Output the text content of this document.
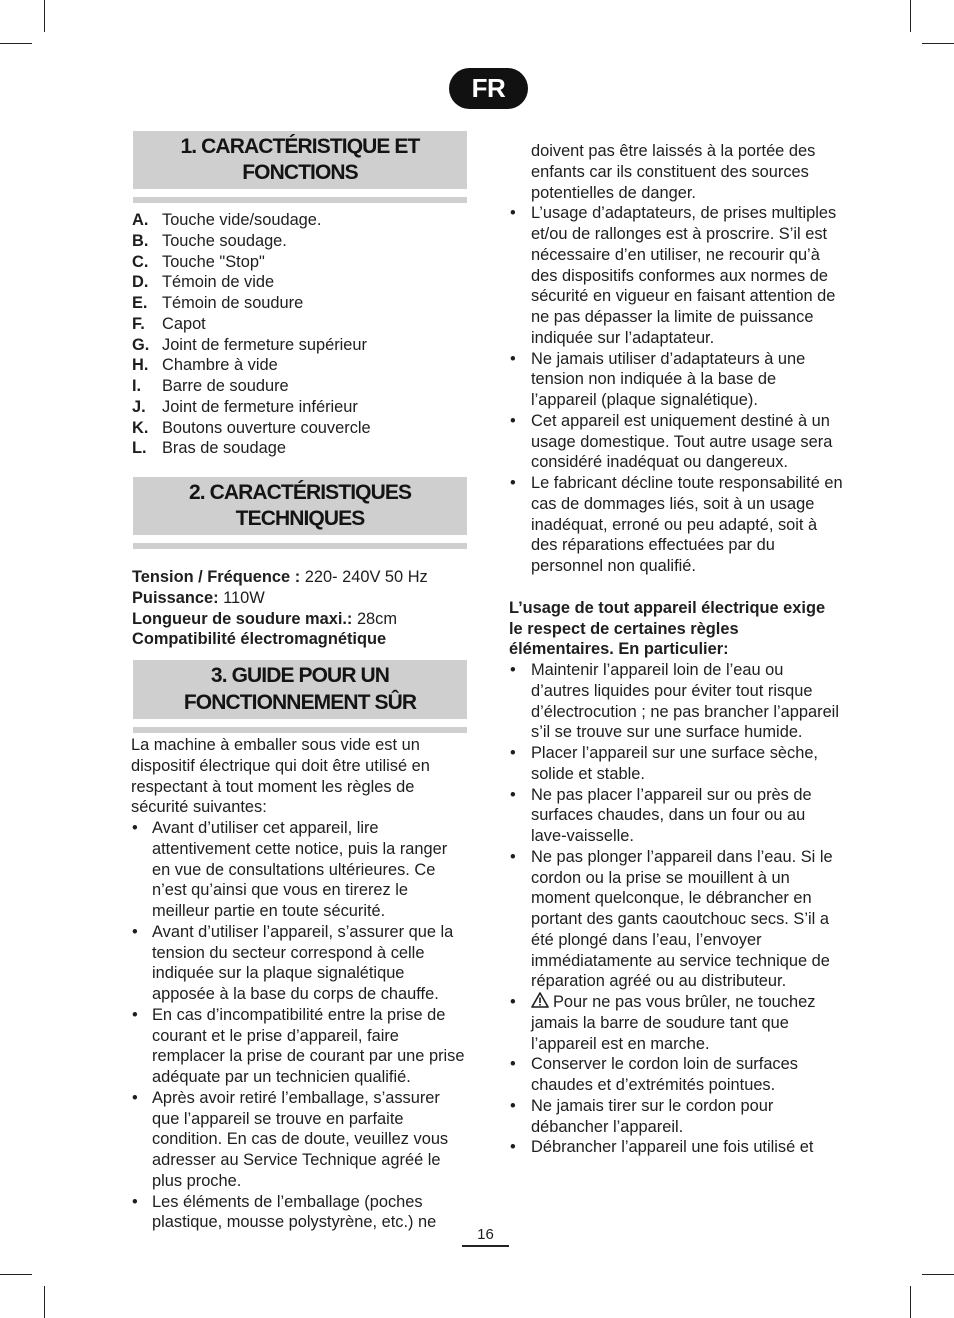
FR
1. CARACTÉRISTIQUE ET FONCTIONS
A. Touche vide/soudage.
B. Touche soudage.
C. Touche "Stop"
D. Témoin de vide
E. Témoin de soudure
F.	Capot
G. Joint de fermeture supérieur
H. Chambre à vide
I.	Barre de soudure
J. Joint de fermeture inférieur
K. Boutons ouverture couvercle
L. Bras de soudage
2. CARACTÉRISTIQUES TECHNIQUES
Tension / Fréquence : 220- 240V 50 Hz
Puissance: 110W
Longueur de soudure maxi.: 28cm
Compatibilité électromagnétique
3. GUIDE POUR UN
FONCTIONNEMENT SÛR

La machine à emballer sous vide est un dispositif électrique qui doit être utilisé en respectant à tout moment les règles de sécurité suivantes:

• Avant d’utiliser cet appareil, lire attentivement cette notice, puis la ranger en vue de consultations ultérieures. Ce n’est qu’ainsi que vous en tirerez le meilleur partie en toute sécurité.
• Avant d’utiliser l’appareil, s’assurer que la tension du secteur correspond à celle indiquée sur la plaque signalétique apposée à la base du corps de chauffe.
• En cas d’incompatibilité entre la prise de courant et le prise d’appareil, faire remplacer la prise de courant par une prise adéquate par un technicien qualifié.
• Après avoir retiré l’emballage, s’assurer que l’appareil se trouve en parfaite condition. En cas de doute, veuillez vous adresser au Service Technique agréé le plus proche.
• Les éléments de l’emballage (poches plastique, mousse polystyrène, etc.) ne
doivent pas être laissés à la portée des enfants car ils constituent des sources potentielles de danger.
• L’usage d’adaptateurs, de prises multiples et/ou de rallonges est à proscrire. S’il est nécessaire d’en utiliser, ne recourir qu’à des dispositifs conformes aux normes de sécurité en vigueur en faisant attention de ne pas dépasser la limite de puissance indiquée sur l’adaptateur.
• Ne jamais utiliser d’adaptateurs à une tension non indiquée à la base de l’appareil (plaque signalétique).
• Cet appareil est uniquement destiné à un usage domestique. Tout autre usage sera considéré inadéquat ou dangereux.
• Le fabricant décline toute responsabilité en cas de dommages liés, soit à un usage inadéquat, erroné ou peu adapté, soit à des réparations effectuées par du personnel non qualifié.
L’usage de tout appareil électrique exige le respect de certaines règles élémentaires. En particulier:
• Maintenir l’appareil loin de l’eau ou d’autres liquides pour éviter tout risque d’électrocution ; ne pas brancher l’appareil s’il se trouve sur une surface humide.
• Placer l’appareil sur une surface sèche, solide et stable.
• Ne pas placer l’appareil sur ou près de surfaces chaudes, dans un four ou au lave-vaisselle.
• Ne pas plonger l’appareil dans l’eau. Si le cordon ou la prise se mouillent à un moment quelconque, le débrancher en portant des gants caoutchouc secs. S’il a été plongé dans l’eau, l’envoyer immédiatamente au service technique de réparation agréé ou au distributeur.
• Pour ne pas vous brûler, ne touchez jamais la barre de soudure tant que l’appareil est en marche.
• Conserver le cordon loin de surfaces chaudes et d’extrémités pointues.
• Ne jamais tirer sur le cordon pour débancher l’appareil.
• Débrancher l’appareil une fois utilisé et
16
